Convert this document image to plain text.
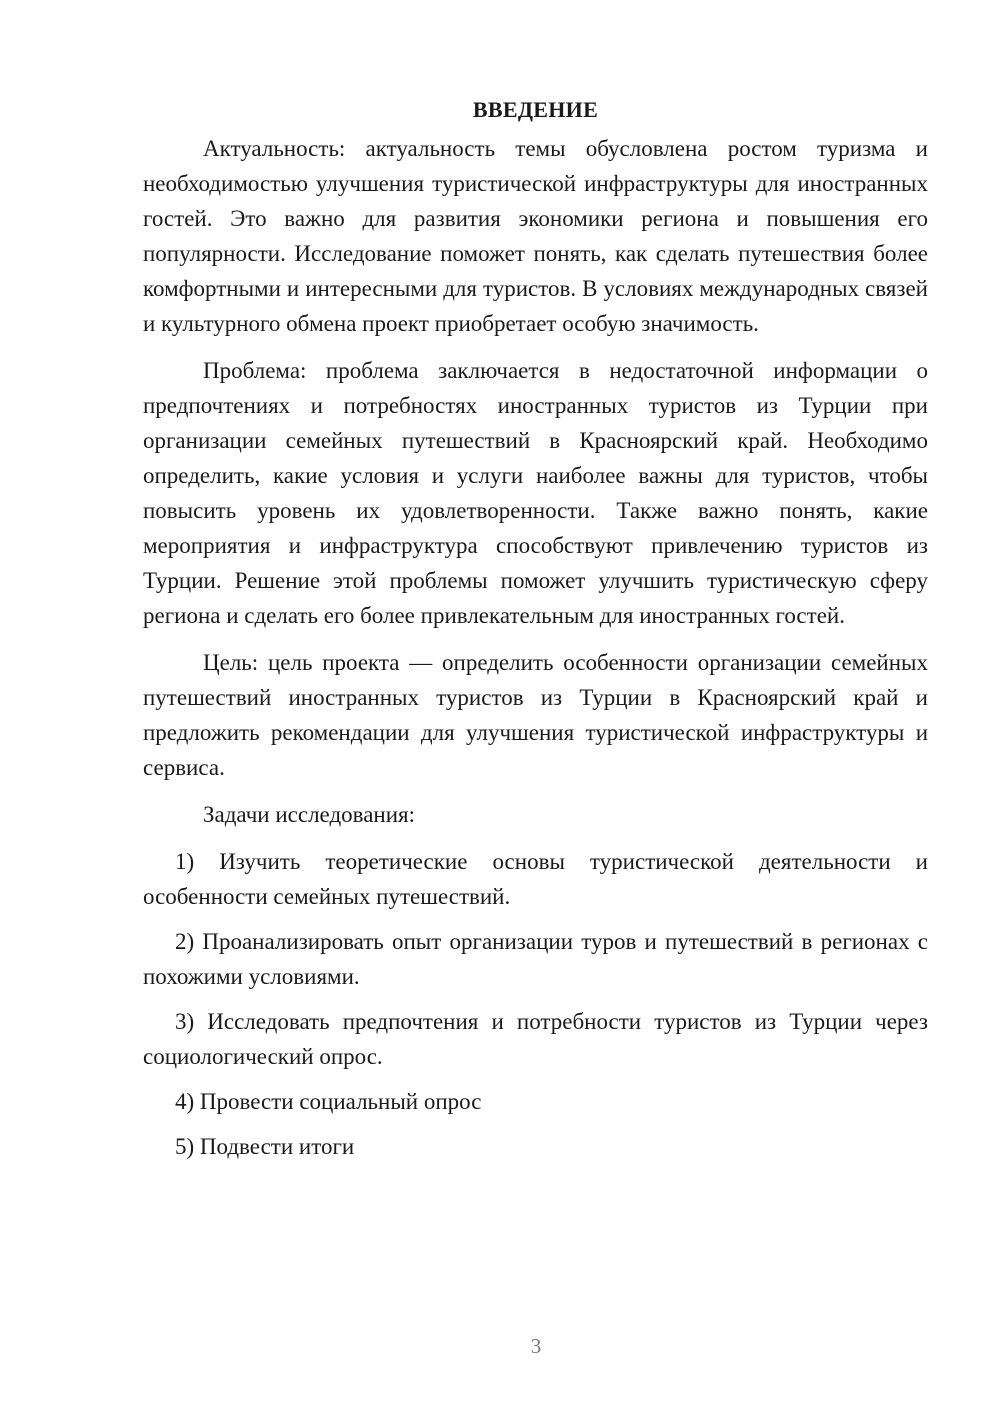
ВВЕДЕНИЕ

Актуальность: актуальность темы обусловлена ростом туризма и необходимостью улучшения туристической инфраструктуры для иностранных гостей. Это важно для развития экономики региона и повышения его популярности. Исследование поможет понять, как сделать путешествия более комфортными и интересными для туристов. В условиях международных связей и культурного обмена проект приобретает особую значимость.

Проблема: проблема заключается в недостаточной информации о предпочтениях и потребностях иностранных туристов из Турции при организации семейных путешествий в Красноярский край. Необходимо определить, какие условия и услуги наиболее важны для туристов, чтобы повысить уровень их удовлетворенности. Также важно понять, какие мероприятия и инфраструктура способствуют привлечению туристов из Турции. Решение этой проблемы поможет улучшить туристическую сферу региона и сделать его более привлекательным для иностранных гостей.

Цель: цель проекта — определить особенности организации семейных путешествий иностранных туристов из Турции в Красноярский край и предложить рекомендации для улучшения туристической инфраструктуры и сервиса.

Задачи исследования:

1) Изучить теоретические основы туристической деятельности и особенности семейных путешествий.

2) Проанализировать опыт организации туров и путешествий в регионах с похожими условиями.

3) Исследовать предпочтения и потребности туристов из Турции через социологический опрос.

4) Провести социальный опрос

5) Подвести итоги

3
